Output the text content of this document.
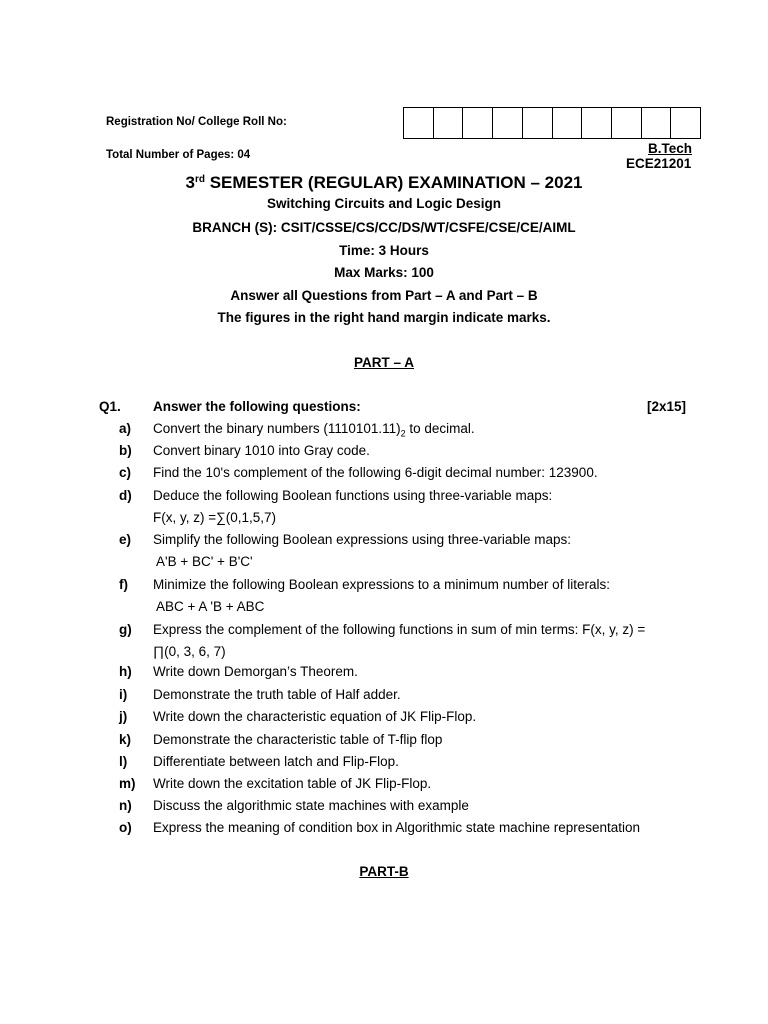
Registration No/ College Roll No:
Total Number of Pages: 04	B.Tech
ECE21201
3rd SEMESTER (REGULAR) EXAMINATION – 2021
Switching Circuits and Logic Design
BRANCH (S): CSIT/CSSE/CS/CC/DS/WT/CSFE/CSE/CE/AIML
Time: 3 Hours
Max Marks: 100
Answer all Questions from Part – A and Part – B
The figures in the right hand margin indicate marks.
PART – A
Q1. Answer the following questions:	[2x15]
a) Convert the binary numbers $(1110101.11)_2$ to decimal.
b) Convert binary 1010 into Gray code.
c) Find the 10's complement of the following 6-digit decimal number: 123900.
d) Deduce the following Boolean functions using three-variable maps:
F(x, y, z) =∑(0,1,5,7)
e) Simplify the following Boolean expressions using three-variable maps:
A'B + BC' + B'C'
f) Minimize the following Boolean expressions to a minimum number of literals:
ABC + A 'B + ABC
g) Express the complement of the following functions in sum of min terms: F(x, y, z) =
∏(0, 3, 6, 7)
h) Write down Demorgan’s Theorem.
i) Demonstrate the truth table of Half adder.
j) Write down the characteristic equation of JK Flip-Flop.
k) Demonstrate the characteristic table of T-flip flop
l) Differentiate between latch and Flip-Flop.
m) Write down the excitation table of JK Flip-Flop.
n) Discuss the algorithmic state machines with example
o) Express the meaning of condition box in Algorithmic state machine representation
PART-B
